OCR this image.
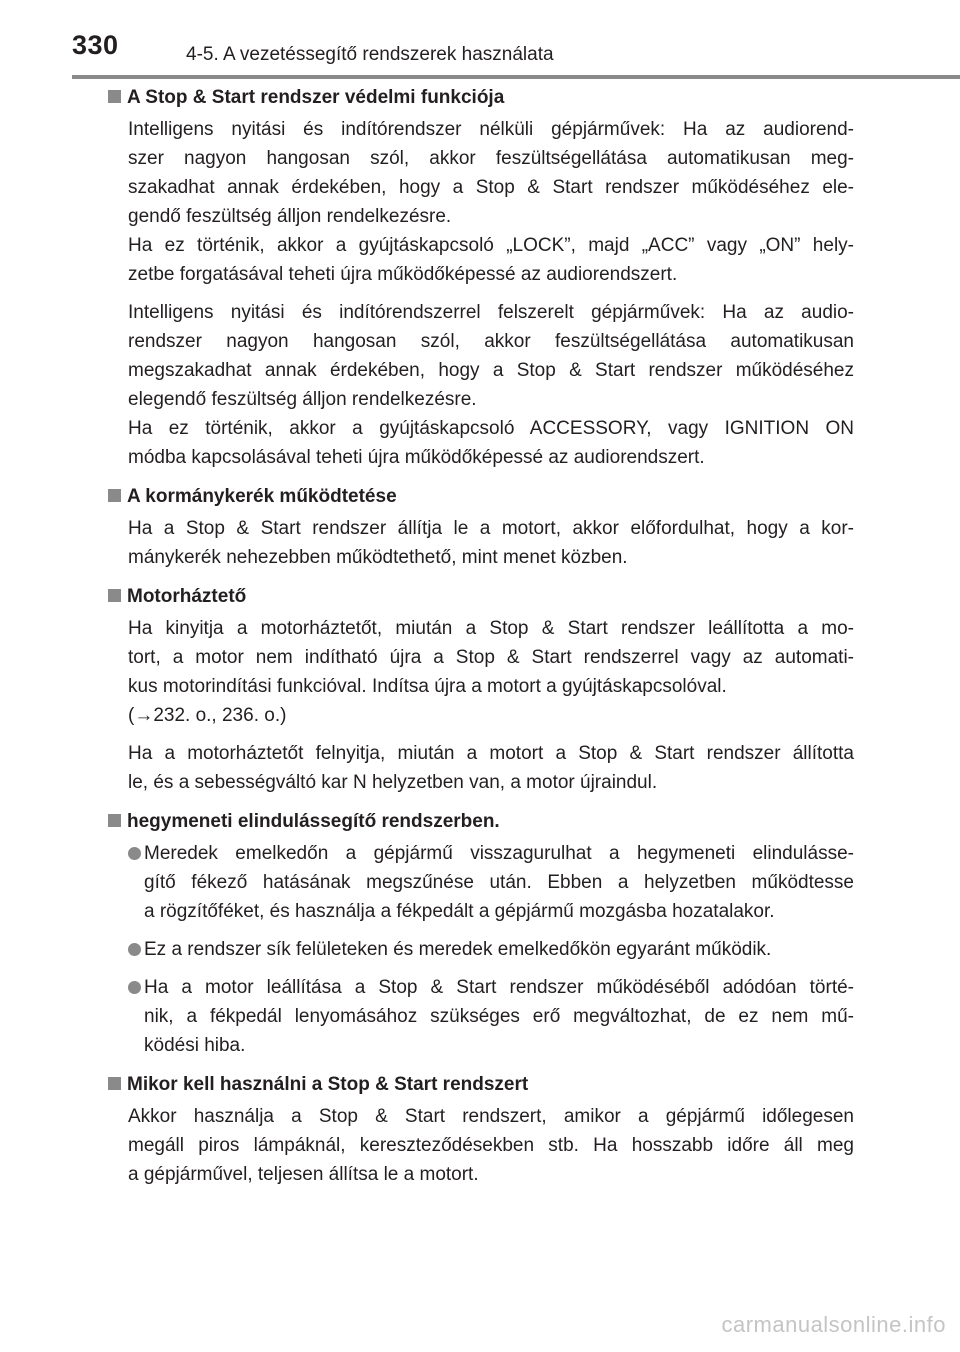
330	4-5. A vezetéssegítő rendszerek használata
A Stop & Start rendszer védelmi funkciója
Intelligens nyitási és indítórendszer nélküli gépjárművek: Ha az audiorend-
szer nagyon hangosan szól, akkor feszültségellátása automatikusan meg-
szakadhat annak érdekében, hogy a Stop & Start rendszer működéséhez ele-
gendő feszültség álljon rendelkezésre.
Ha ez történik, akkor a gyújtáskapcsoló „LOCK”, majd „ACC” vagy „ON” hely-
zetbe forgatásával teheti újra működőképessé az audiorendszert.
Intelligens nyitási és indítórendszerrel felszerelt gépjárművek: Ha az audio-
rendszer nagyon hangosan szól, akkor feszültségellátása automatikusan
megszakadhat annak érdekében, hogy a Stop & Start rendszer működéséhez
elegendő feszültség álljon rendelkezésre.
Ha ez történik, akkor a gyújtáskapcsoló ACCESSORY, vagy IGNITION ON
módba kapcsolásával teheti újra működőképessé az audiorendszert.
A kormánykerék működtetése
Ha a Stop & Start rendszer állítja le a motort, akkor előfordulhat, hogy a kor-
mánykerék nehezebben működtethető, mint menet közben.
Motorháztető
Ha kinyitja a motorháztetőt, miután a Stop & Start rendszer leállította a mo-
tort, a motor nem indítható újra a Stop & Start rendszerrel vagy az automati-
kus motorindítási funkcióval. Indítsa újra a motort a gyújtáskapcsolóval.
(→232. o., 236. o.)
Ha a motorháztetőt felnyitja, miután a motort a Stop & Start rendszer állította
le, és a sebességváltó kar N helyzetben van, a motor újraindul.
hegymeneti elindulássegítő rendszerben.
Meredek emelkedőn a gépjármű visszagurulhat a hegymeneti elindulásse-
gítő fékező hatásának megszűnése után. Ebben a helyzetben működtesse
a rögzítőféket, és használja a fékpedált a gépjármű mozgásba hozatalakor.
Ez a rendszer sík felületeken és meredek emelkedőkön egyaránt működik.
Ha a motor leállítása a Stop & Start rendszer működéséből adódóan törté-
nik, a fékpedál lenyomásához szükséges erő megváltozhat, de ez nem mű-
ködési hiba.
Mikor kell használni a Stop & Start rendszert
Akkor használja a Stop & Start rendszert, amikor a gépjármű időlegesen
megáll piros lámpáknál, kereszteződésekben stb. Ha hosszabb időre áll meg
a gépjárművel, teljesen állítsa le a motort.
carmanualsonline.info
